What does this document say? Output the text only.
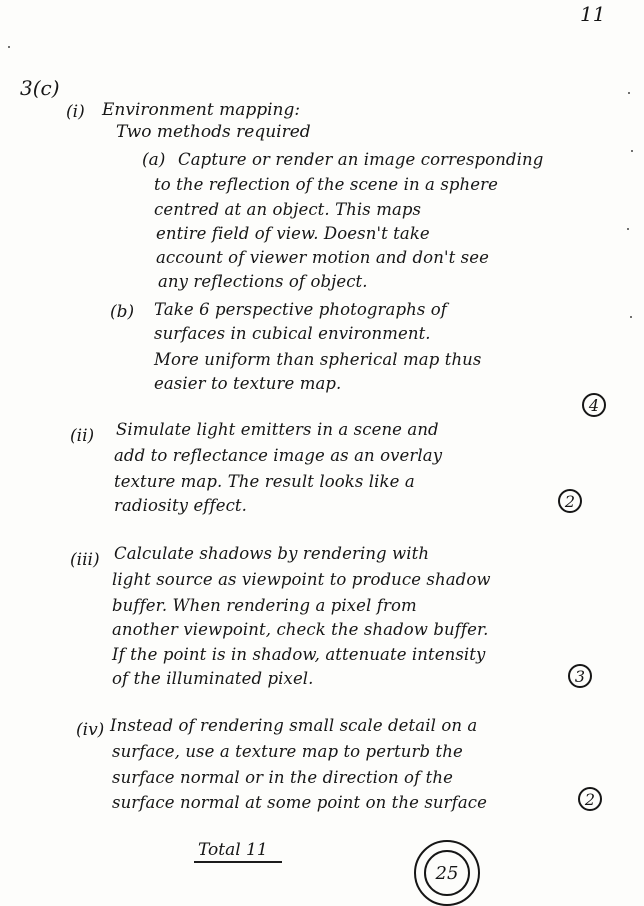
11
3(c)
(i) Environment mapping:
Two methods required
(a) Capture or render an image corresponding
to the reflection of the scene in a sphere
centred at an object. This maps
entire field of view. Doesn't take
account of viewer motion and don't see
any reflections of object.
(b) Take 6 perspective photographs of
surfaces in cubical environment.
More uniform than spherical map thus
easier to texture map.
4
(ii) Simulate light emitters in a scene and
add to reflectance image as an overlay
texture map. The result looks like a
radiosity effect.	2
(iii) Calculate shadows by rendering with
light source as viewpoint to produce shadow
buffer. When rendering a pixel from
another viewpoint, check the shadow buffer.
If the point is in shadow, attenuate intensity
of the illuminated pixel.	3
(iv) Instead of rendering small scale detail on a
surface, use a texture map to perturb the
surface normal or in the direction of the
surface normal at some point on the surface	2
Total 11
25
